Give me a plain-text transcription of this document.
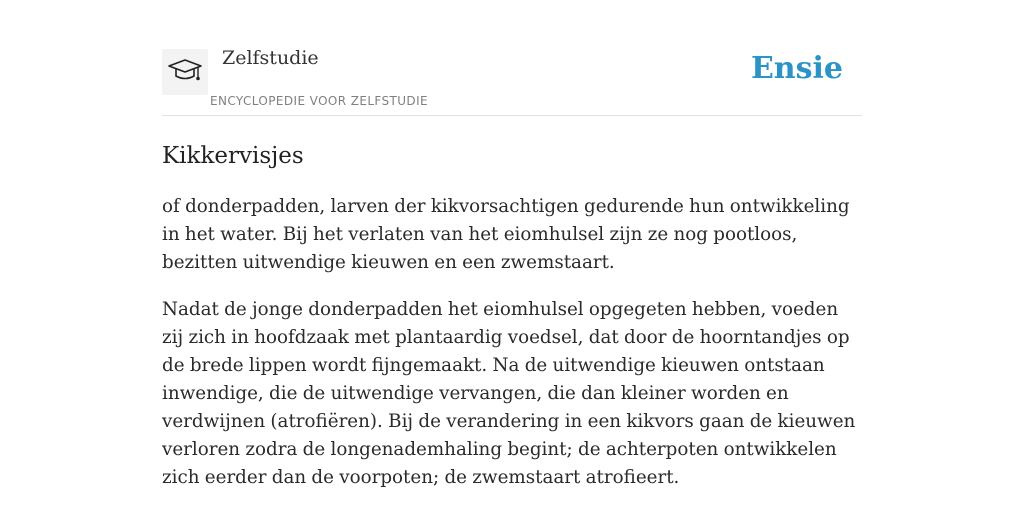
Zelfstudie
ENCYCLOPEDIE VOOR ZELFSTUDIE
Ensie
Kikkervisjes

of donderpadden, larven der kikvorsachtigen gedurende hun ontwikkeling in het water. Bij het verlaten van het eiomhulsel zijn ze nog pootloos, bezitten uitwendige kieuwen en een zwemstaart.

Nadat de jonge donderpadden het eiomhulsel opgegeten hebben, voeden zij zich in hoofdzaak met plantaardig voedsel, dat door de hoorntandjes op de brede lippen wordt fijngemaakt. Na de uitwendige kieuwen ontstaan inwendige, die de uitwendige vervangen, die dan kleiner worden en verdwijnen (atrofiëren). Bij de verandering in een kikvors gaan de kieuwen verloren zodra de longenademhaling begint; de achterpoten ontwikkelen zich eerder dan de voorpoten; de zwemstaart atrofieert.
